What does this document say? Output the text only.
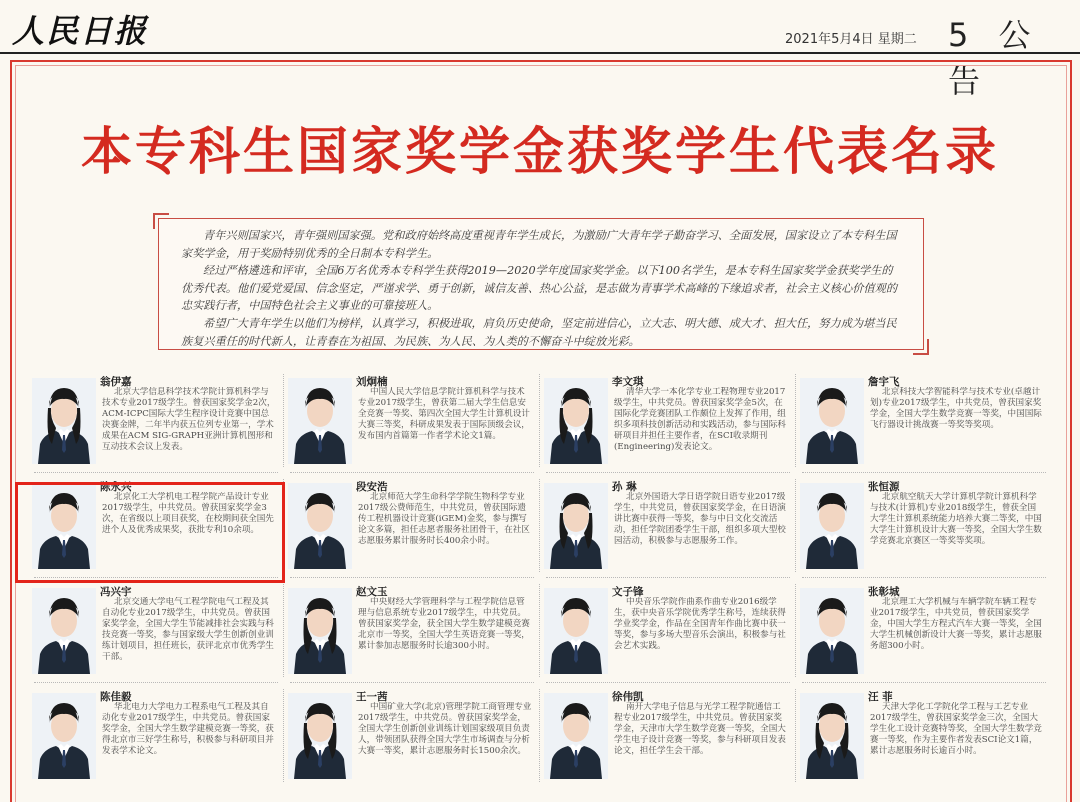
人民日报	2021年5月4日 星期二 5 公告
本专科生国家奖学金获奖学生代表名录

青年兴则国家兴，青年强则国家强。党和政府始终高度重视青年学生成长，为激励广大青年学子勤奋学习、全面发展，国家设立了本专科生国家奖学金，用于奖励特别优秀的全日制本专科学生。

经过严格遴选和评审，全国6万名优秀本专科学生获得2019—2020学年度国家奖学金。以下100名学生，是本专科生国家奖学金获奖学生的优秀代表。他们爱党爱国、信念坚定，严谨求学、勇于创新，诚信友善、热心公益，是志做为青事学术高峰的下缘追求者，社会主义核心价值观的忠实践行者，中国特色社会主义事业的可靠接班人。

希望广大青年学生以他们为榜样，认真学习，积极进取，肩负历史使命，坚定前进信心，立大志、明大德、成大才、担大任，努力成为堪当民族复兴重任的时代新人，让青春在为祖国、为民族、为人民、为人类的不懈奋斗中绽放光彩。

翁伊嘉

北京大学信息科学技术学院计算机科学与技术专业2017级学生。曾获国家奖学金2次，ACM-ICPC国际大学生程序设计竞赛中国总决赛金牌，二年半内获五位列专业第一，学术成果在ACM SIG-GRAPH亚洲计算机图形和互动技术会议上发表。

刘炯楠

中国人民大学信息学院计算机科学与技术专业2017级学生，曾获第二届大学生信息安全竞赛一等奖、第四次全国大学生计算机设计大赛三等奖，科研成果发表于国际顶级会议，发布国内首篇第一作者学术论文1篇。

李文琪

清华大学一本化学专业工程物理专业2017级学生，中共党员。曾获国家奖学金5次，在国际化学竞赛团队工作颇位上发挥了作用，组织多项科技创新活动和实践活动，参与国际科研项目并担任主要作者，在SCI收录期刊(Engineering)发表论文。

詹宇飞

北京科技大学智能科学与技术专业(卓越计划)专业2017级学生，中共党员，曾获国家奖学金，全国大学生数学竞赛一等奖，中国国际飞行器设计挑战赛一等奖等奖项。

陈永兴

北京化工大学机电工程学院产品设计专业2017级学生，中共党员。曾获国家奖学金3次，在省级以上项目获奖，在校期间获全国先进个人及优秀成果奖，获批专利10余项。

段安浩

北京师范大学生命科学学院生物科学专业2017级公费师范生，中共党员，曾获国际遗传工程机器设计竞赛(iGEM)金奖，参与撰写论文多篇，担任志愿者服务社团骨干，在社区志愿服务累计服务时长400余小时。

孙 琳

北京外国语大学日语学院日语专业2017级学生，中共党员，曾获国家奖学金，在日语演讲比赛中获得一等奖，参与中日文化交流活动，担任学院团委学生干部，组织多项大型校园活动，积极参与志愿服务工作。

张恒源

北京航空航天大学计算机学院计算机科学与技术(计算机)专业2018级学生，曾获全国大学生计算机系统能力培养大赛二等奖，中国大学生计算机设计大赛一等奖，全国大学生数学竞赛北京赛区一等奖等奖项。

冯兴宇

北京交通大学电气工程学院电气工程及其自动化专业2017级学生，中共党员。曾获国家奖学金，全国大学生节能减排社会实践与科技竞赛一等奖，参与国家级大学生创新创业训练计划项目，担任班长，获评北京市优秀学生干部。

赵文玉

中央财经大学管理科学与工程学院信息管理与信息系统专业2017级学生，中共党员。曾获国家奖学金，获全国大学生数学建模竞赛北京市一等奖，全国大学生英语竞赛一等奖，累计参加志愿服务时长逾300小时。

文子锋

中央音乐学院作曲系作曲专业2016级学生，获中央音乐学院优秀学生称号，连续获得学业奖学金，作品在全国青年作曲比赛中获一等奖，参与多场大型音乐会演出，积极参与社会艺术实践。

张彰城

北京理工大学机械与车辆学院车辆工程专业2017级学生，中共党员，曾获国家奖学金，中国大学生方程式汽车大赛一等奖，全国大学生机械创新设计大赛一等奖，累计志愿服务超300小时。

陈佳毅

华北电力大学电力工程系电气工程及其自动化专业2017级学生，中共党员。曾获国家奖学金，全国大学生数学建模竞赛一等奖，获得北京市三好学生称号，积极参与科研项目并发表学术论文。

王一茜

中国矿业大学(北京)管理学院工商管理专业2017级学生，中共党员。曾获国家奖学金，全国大学生创新创业训练计划国家级项目负责人，带领团队获得全国大学生市场调查与分析大赛一等奖，累计志愿服务时长1500余次。

徐伟凯

南开大学电子信息与光学工程学院通信工程专业2017级学生，中共党员。曾获国家奖学金，天津市大学生数学竞赛一等奖，全国大学生电子设计竞赛一等奖，参与科研项目发表论文，担任学生会干部。

汪 菲

天津大学化工学院化学工程与工艺专业2017级学生，曾获国家奖学金三次，全国大学生化工设计竞赛特等奖，全国大学生数学竞赛一等奖，作为主要作者发表SCI论文1篇，累计志愿服务时长逾百小时。
